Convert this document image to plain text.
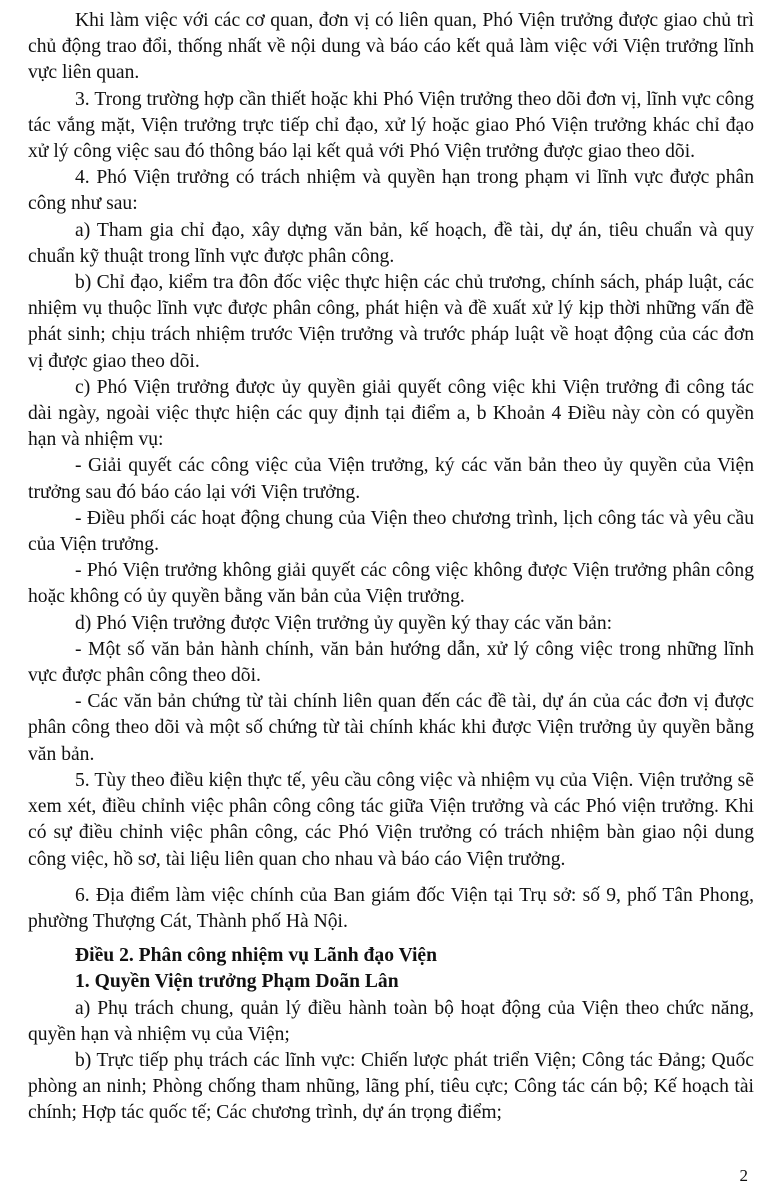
Khi làm việc với các cơ quan, đơn vị có liên quan, Phó Viện trưởng được giao chủ trì chủ động trao đổi, thống nhất về nội dung và báo cáo kết quả làm việc với Viện trưởng lĩnh vực liên quan.

3. Trong trường hợp cần thiết hoặc khi Phó Viện trưởng theo dõi đơn vị, lĩnh vực công tác vắng mặt, Viện trưởng trực tiếp chỉ đạo, xử lý hoặc giao Phó Viện trưởng khác chỉ đạo xử lý công việc sau đó thông báo lại kết quả với Phó Viện trưởng được giao theo dõi.

4. Phó Viện trưởng có trách nhiệm và quyền hạn trong phạm vi lĩnh vực được phân công như sau:

a) Tham gia chỉ đạo, xây dựng văn bản, kế hoạch, đề tài, dự án, tiêu chuẩn và quy chuẩn kỹ thuật trong lĩnh vực được phân công.

b) Chỉ đạo, kiểm tra đôn đốc việc thực hiện các chủ trương, chính sách, pháp luật, các nhiệm vụ thuộc lĩnh vực được phân công, phát hiện và đề xuất xử lý kịp thời những vấn đề phát sinh; chịu trách nhiệm trước Viện trưởng và trước pháp luật về hoạt động của các đơn vị được giao theo dõi.

c) Phó Viện trưởng được ủy quyền giải quyết công việc khi Viện trưởng đi công tác dài ngày, ngoài việc thực hiện các quy định tại điểm a, b Khoản 4 Điều này còn có quyền hạn và nhiệm vụ:

- Giải quyết các công việc của Viện trưởng, ký các văn bản theo ủy quyền của Viện trưởng sau đó báo cáo lại với Viện trưởng.

- Điều phối các hoạt động chung của Viện theo chương trình, lịch công tác và yêu cầu của Viện trưởng.

- Phó Viện trưởng không giải quyết các công việc không được Viện trưởng phân công hoặc không có ủy quyền bằng văn bản của Viện trưởng.

d) Phó Viện trưởng được Viện trưởng ủy quyền ký thay các văn bản:

- Một số văn bản hành chính, văn bản hướng dẫn, xử lý công việc trong những lĩnh vực được phân công theo dõi.

- Các văn bản chứng từ tài chính liên quan đến các đề tài, dự án của các đơn vị được phân công theo dõi và một số chứng từ tài chính khác khi được Viện trưởng ủy quyền bằng văn bản.

5. Tùy theo điều kiện thực tế, yêu cầu công việc và nhiệm vụ của Viện. Viện trưởng sẽ xem xét, điều chỉnh việc phân công công tác giữa Viện trưởng và các Phó viện trưởng. Khi có sự điều chỉnh việc phân công, các Phó Viện trưởng có trách nhiệm bàn giao nội dung công việc, hồ sơ, tài liệu liên quan cho nhau và báo cáo Viện trưởng.

6. Địa điểm làm việc chính của Ban giám đốc Viện tại Trụ sở: số 9, phố Tân Phong, phường Thượng Cát, Thành phố Hà Nội.

Điều 2. Phân công nhiệm vụ Lãnh đạo Viện

1. Quyền Viện trưởng Phạm Doãn Lân

a) Phụ trách chung, quản lý điều hành toàn bộ hoạt động của Viện theo chức năng, quyền hạn và nhiệm vụ của Viện;

b) Trực tiếp phụ trách các lĩnh vực: Chiến lược phát triển Viện; Công tác Đảng; Quốc phòng an ninh; Phòng chống tham nhũng, lãng phí, tiêu cực; Công tác cán bộ; Kế hoạch tài chính; Hợp tác quốc tế; Các chương trình, dự án trọng điểm;

2
